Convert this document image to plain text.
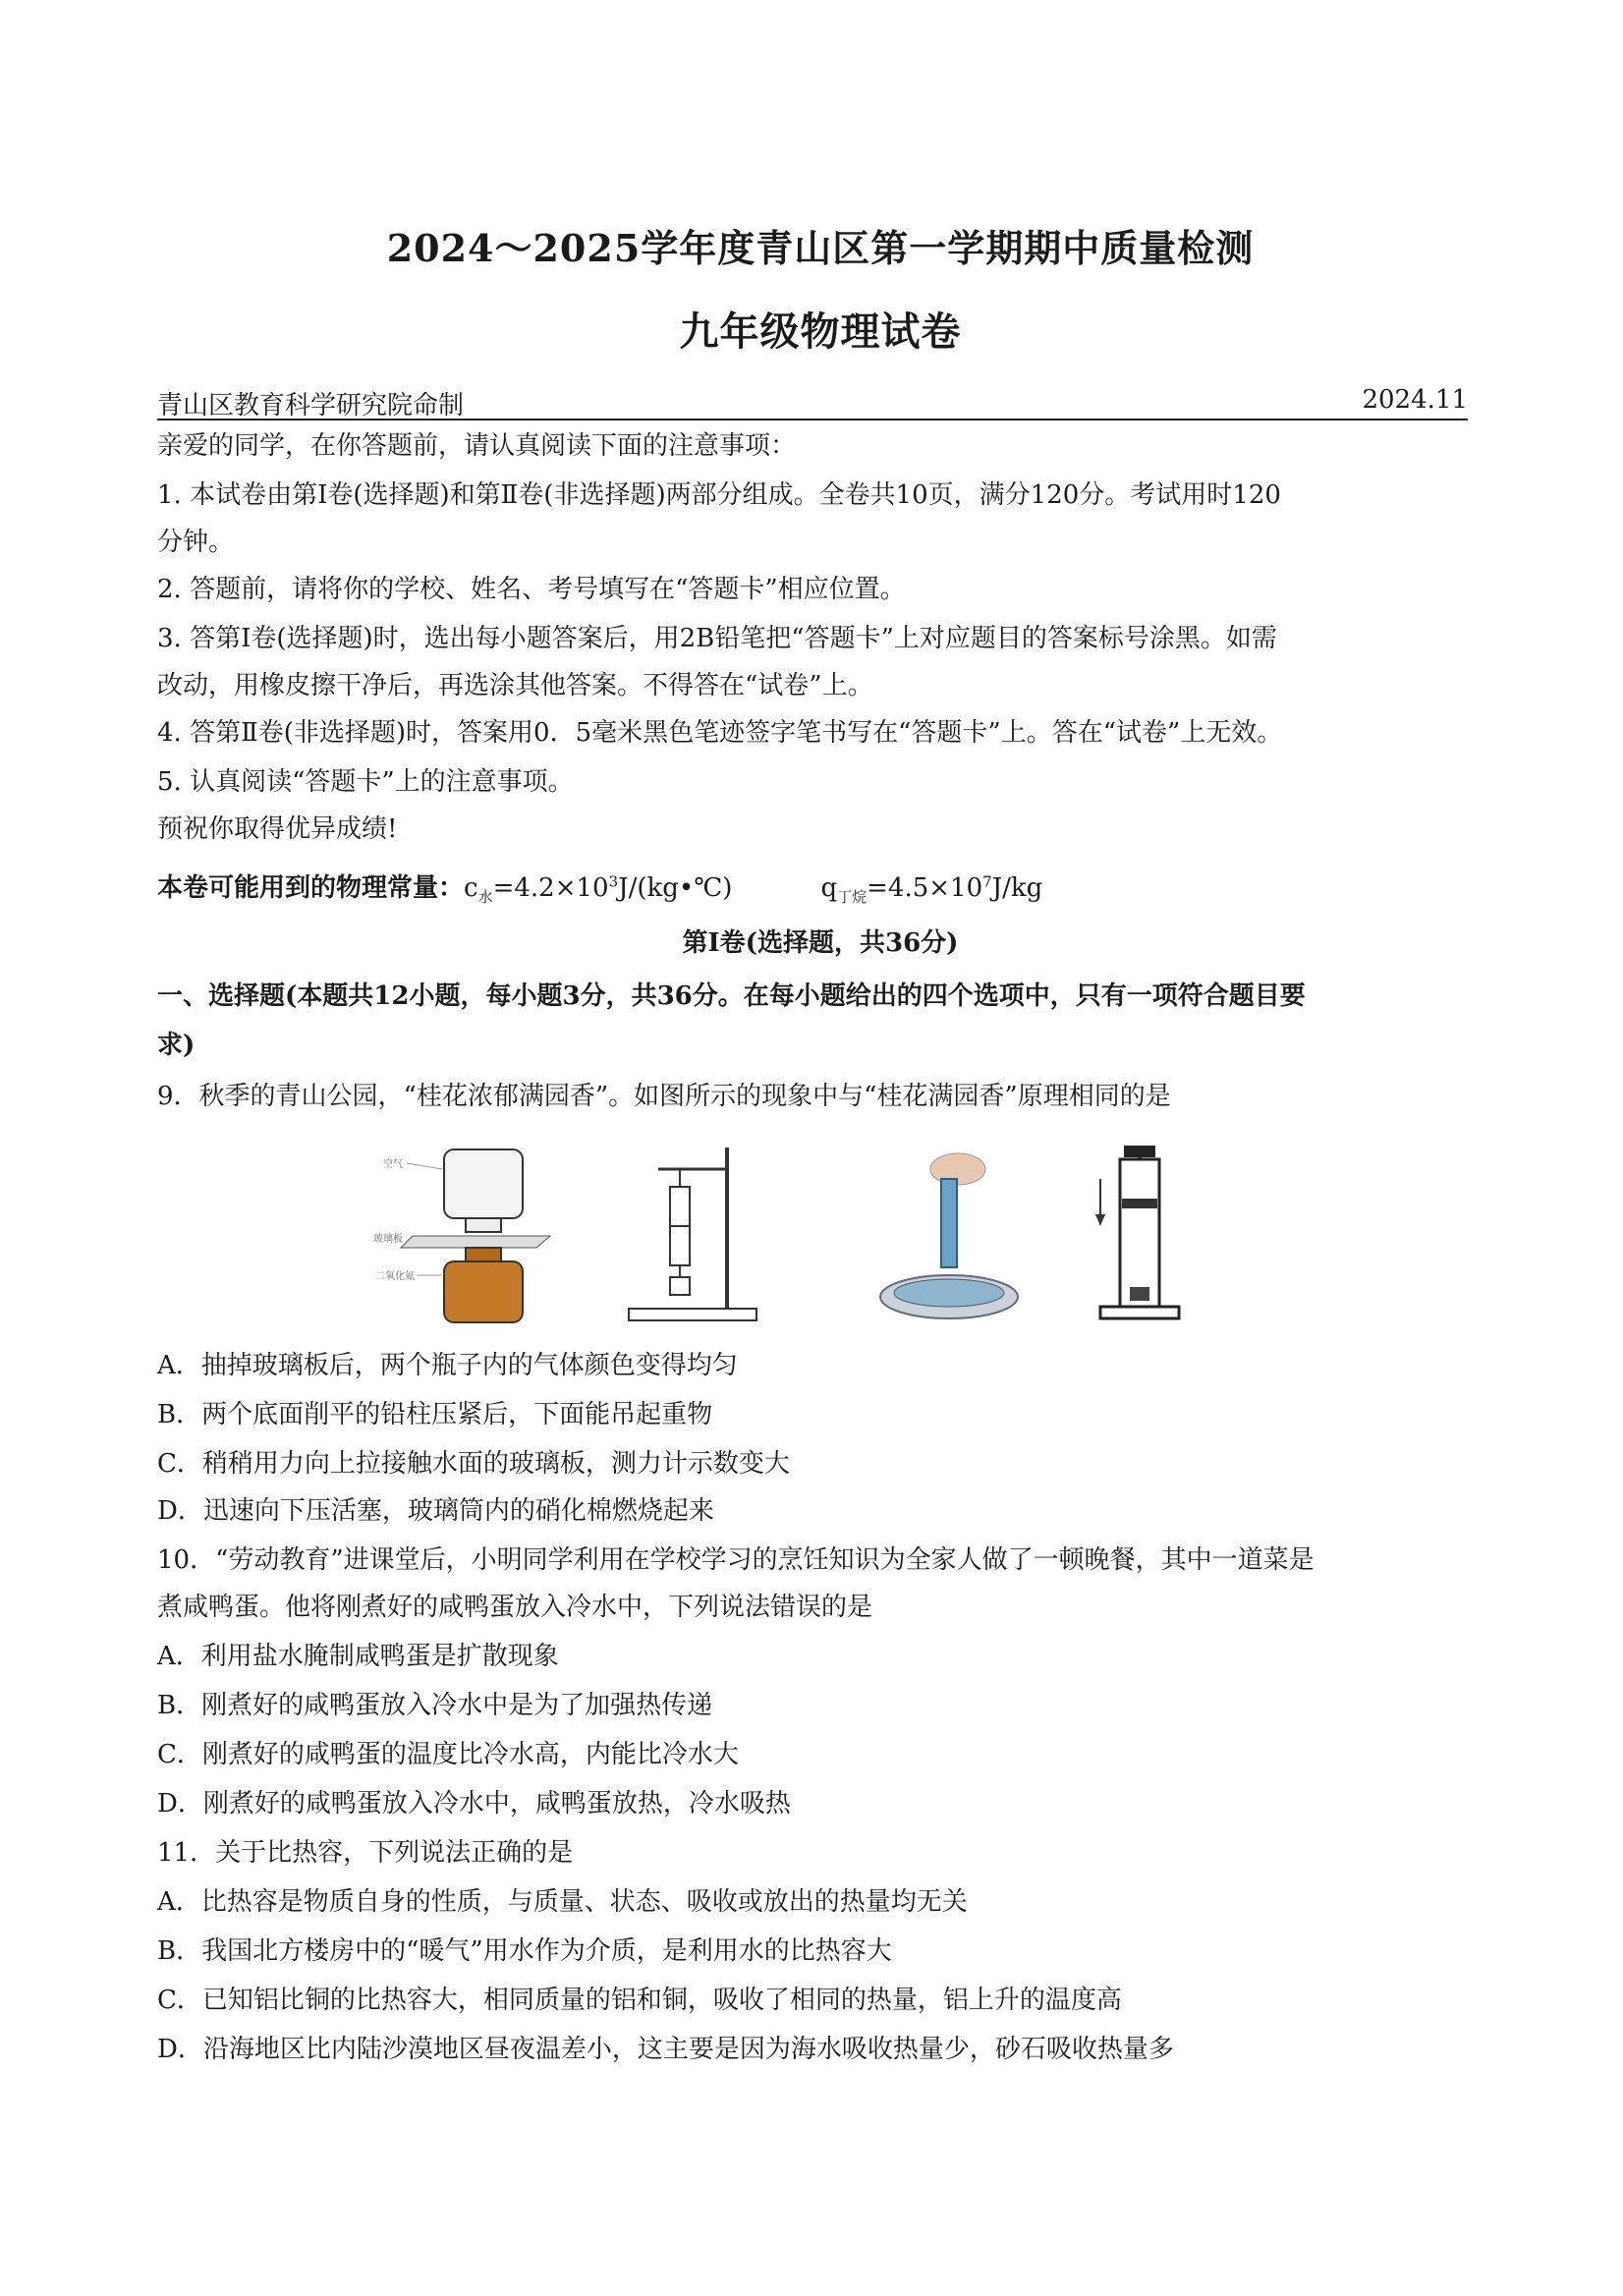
2024～2025学年度青山区第一学期期中质量检测
九年级物理试卷
青山区教育科学研究院命制	2024.11
亲爱的同学，在你答题前，请认真阅读下面的注意事项：
1. 本试卷由第Ⅰ卷(选择题)和第Ⅱ卷(非选择题)两部分组成。全卷共10页，满分120分。考试用时120
分钟。
2. 答题前，请将你的学校、姓名、考号填写在“答题卡”相应位置。
3. 答第Ⅰ卷(选择题)时，选出每小题答案后，用2B铅笔把“答题卡”上对应题目的答案标号涂黑。如需
改动，用橡皮擦干净后，再选涂其他答案。不得答在“试卷”上。
4. 答第Ⅱ卷(非选择题)时，答案用0．5毫米黑色笔迹签字笔书写在“答题卡”上。答在“试卷”上无效。
5. 认真阅读“答题卡”上的注意事项。
预祝你取得优异成绩!
本卷可能用到的物理常量：$c_水=4.2\times 10^3J/(kg•℃)$	$q_{丁烷}=4.5\times 10^7J/kg$
第Ⅰ卷(选择题，共36分)
一、选择题(本题共12小题，每小题3分，共36分。在每小题给出的四个选项中，只有一项符合题目要
求)
9．秋季的青山公园，“桂花浓郁满园香”。如图所示的现象中与“桂花满园香”原理相同的是
空气
玻璃板
二氧化氮
A．抽掉玻璃板后，两个瓶子内的气体颜色变得均匀
B．两个底面削平的铅柱压紧后，下面能吊起重物
C．稍稍用力向上拉接触水面的玻璃板，测力计示数变大
D．迅速向下压活塞，玻璃筒内的硝化棉燃烧起来
10．“劳动教育”进课堂后，小明同学利用在学校学习的烹饪知识为全家人做了一顿晚餐，其中一道菜是
煮咸鸭蛋。他将刚煮好的咸鸭蛋放入冷水中，下列说法错误的是
A．利用盐水腌制咸鸭蛋是扩散现象
B．刚煮好的咸鸭蛋放入冷水中是为了加强热传递
C．刚煮好的咸鸭蛋的温度比冷水高，内能比冷水大
D．刚煮好的咸鸭蛋放入冷水中，咸鸭蛋放热，冷水吸热
11．关于比热容，下列说法正确的是
A．比热容是物质自身的性质，与质量、状态、吸收或放出的热量均无关
B．我国北方楼房中的“暖气”用水作为介质，是利用水的比热容大
C．已知铝比铜的比热容大，相同质量的铝和铜，吸收了相同的热量，铝上升的温度高
D．沿海地区比内陆沙漠地区昼夜温差小，这主要是因为海水吸收热量少，砂石吸收热量多
